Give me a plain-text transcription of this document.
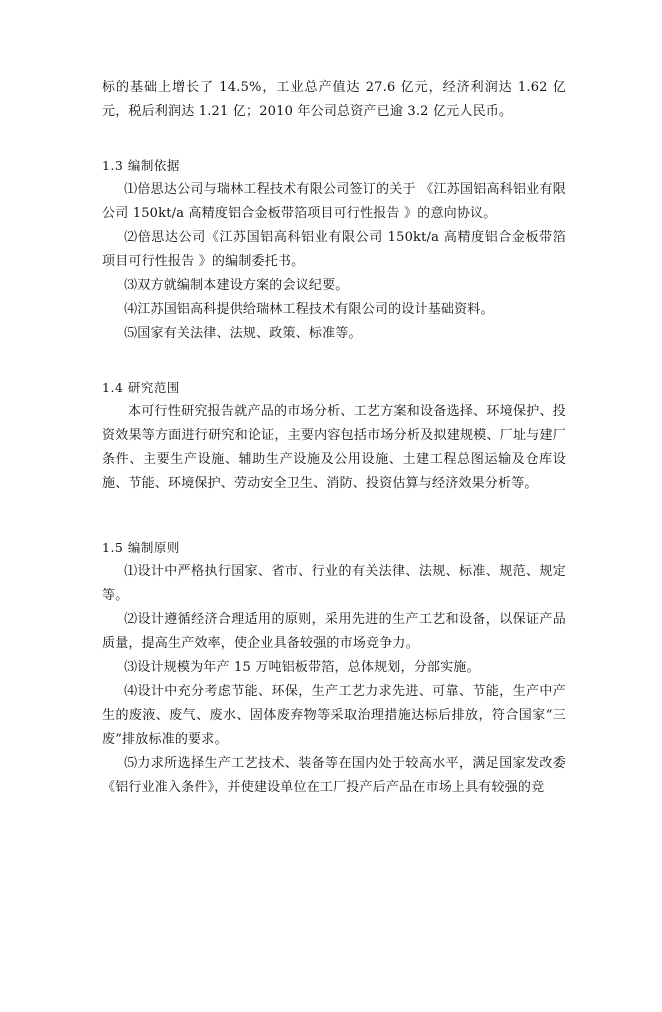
标的基础上增长了 14.5%，工业总产值达 27.6 亿元，经济利润达 1.62 亿元，税后利润达 1.21 亿；2010 年公司总资产已逾 3.2 亿元人民币。

1.3 编制依据

⑴倍思达公司与瑞林工程技术有限公司签订的关于 《江苏国铝高科铝业有限公司 150kt/a 高精度铝合金板带箔项目可行性报告 》的意向协议。

⑵倍思达公司《江苏国铝高科铝业有限公司 150kt/a 高精度铝合金板带箔项目可行性报告 》的编制委托书。

⑶双方就编制本建设方案的会议纪要。

⑷江苏国铝高科提供给瑞林工程技术有限公司的设计基础资料。

⑸国家有关法律、法规、政策、标准等。

1.4 研究范围

本可行性研究报告就产品的市场分析、工艺方案和设备选择、环境保护、投资效果等方面进行研究和论证，主要内容包括市场分析及拟建规模、厂址与建厂条件、主要生产设施、辅助生产设施及公用设施、土建工程总图运输及仓库设施、节能、环境保护、劳动安全卫生、消防、投资估算与经济效果分析等。

1.5 编制原则

⑴设计中严格执行国家、省市、行业的有关法律、法规、标准、规范、规定等。

⑵设计遵循经济合理适用的原则，采用先进的生产工艺和设备，以保证产品质量，提高生产效率，使企业具备较强的市场竞争力。

⑶设计规模为年产 15 万吨铝板带箔，总体规划，分部实施。

⑷设计中充分考虑节能、环保，生产工艺力求先进、可靠、节能，生产中产生的废液、废气、废水、固体废弃物等采取治理措施达标后排放，符合国家“三废”排放标准的要求。

⑸力求所选择生产工艺技术、装备等在国内处于较高水平，满足国家发改委《铝行业准入条件》，并使建设单位在工厂投产后产品在市场上具有较强的竞
